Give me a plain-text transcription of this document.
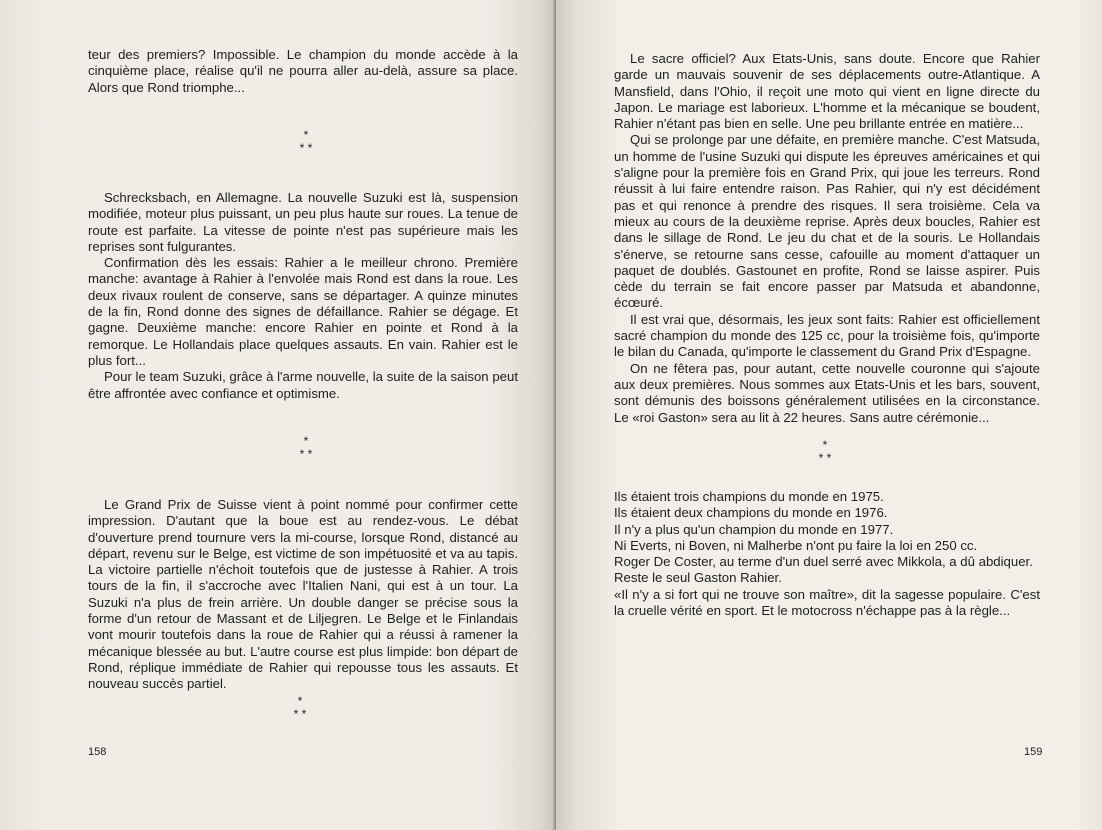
teur des premiers? Impossible. Le champion du monde accède à la cinquième place, réalise qu'il ne pourra aller au-delà, assure sa place. Alors que Rond triomphe...

*
* *

Schrecksbach, en Allemagne. La nouvelle Suzuki est là, suspension modifiée, moteur plus puissant, un peu plus haute sur roues. La tenue de route est parfaite. La vitesse de pointe n'est pas supérieure mais les reprises sont fulgurantes.

Confirmation dès les essais: Rahier a le meilleur chrono. Première manche: avantage à Rahier à l'envolée mais Rond est dans la roue. Les deux rivaux roulent de conserve, sans se départager. A quinze minutes de la fin, Rond donne des signes de défaillance. Rahier se dégage. Et gagne. Deuxième manche: encore Rahier en pointe et Rond à la remorque. Le Hollandais place quelques assauts. En vain. Rahier est le plus fort...

Pour le team Suzuki, grâce à l'arme nouvelle, la suite de la saison peut être affrontée avec confiance et optimisme.

*
* *

Le Grand Prix de Suisse vient à point nommé pour confirmer cette impression. D'autant que la boue est au rendez-vous. Le débat d'ouverture prend tournure vers la mi-course, lorsque Rond, distancé au départ, revenu sur le Belge, est victime de son impétuosité et va au tapis. La victoire partielle n'échoit toutefois que de justesse à Rahier. A trois tours de la fin, il s'accroche avec l'Italien Nani, qui est à un tour. La Suzuki n'a plus de frein arrière. Un double danger se précise sous la forme d'un retour de Massant et de Liljegren. Le Belge et le Finlandais vont mourir toutefois dans la roue de Rahier qui a réussi à ramener la mécanique blessée au but. L'autre course est plus limpide: bon départ de Rond, réplique immédiate de Rahier qui repousse tous les assauts. Et nouveau succès partiel.

*
* *
158

Le sacre officiel? Aux Etats-Unis, sans doute. Encore que Rahier garde un mauvais souvenir de ses déplacements outre-Atlantique. A Mansfield, dans l'Ohio, il reçoit une moto qui vient en ligne directe du Japon. Le mariage est laborieux. L'homme et la mécanique se boudent, Rahier n'étant pas bien en selle. Une peu brillante entrée en matière...

Qui se prolonge par une défaite, en première manche. C'est Matsuda, un homme de l'usine Suzuki qui dispute les épreuves américaines et qui s'aligne pour la première fois en Grand Prix, qui joue les terreurs. Rond réussit à lui faire entendre raison. Pas Rahier, qui n'y est décidément pas et qui renonce à prendre des risques. Il sera troisième. Cela va mieux au cours de la deuxième reprise. Après deux boucles, Rahier est dans le sillage de Rond. Le jeu du chat et de la souris. Le Hollandais s'énerve, se retourne sans cesse, cafouille au moment d'attaquer un paquet de doublés. Gastounet en profite, Rond se laisse aspirer. Puis cède du terrain se fait encore passer par Matsuda et abandonne, écœuré.

Il est vrai que, désormais, les jeux sont faits: Rahier est officiellement sacré champion du monde des 125 cc, pour la troisième fois, qu'importe le bilan du Canada, qu'importe le classement du Grand Prix d'Espagne.

On ne fêtera pas, pour autant, cette nouvelle couronne qui s'ajoute aux deux premières. Nous sommes aux Etats-Unis et les bars, souvent, sont démunis des boissons généralement utilisées en la circonstance. Le «roi Gaston» sera au lit à 22 heures. Sans autre cérémonie...

*
* *
Ils étaient trois champions du monde en 1975.
Ils étaient deux champions du monde en 1976.
Il n'y a plus qu'un champion du monde en 1977.
Ni Everts, ni Boven, ni Malherbe n'ont pu faire la loi en 250 cc.
Roger De Coster, au terme d'un duel serré avec Mikkola, a dû abdiquer.
Reste le seul Gaston Rahier.

«Il n'y a si fort qui ne trouve son maître», dit la sagesse populaire. C'est la cruelle vérité en sport. Et le motocross n'échappe pas à la règle...

159
